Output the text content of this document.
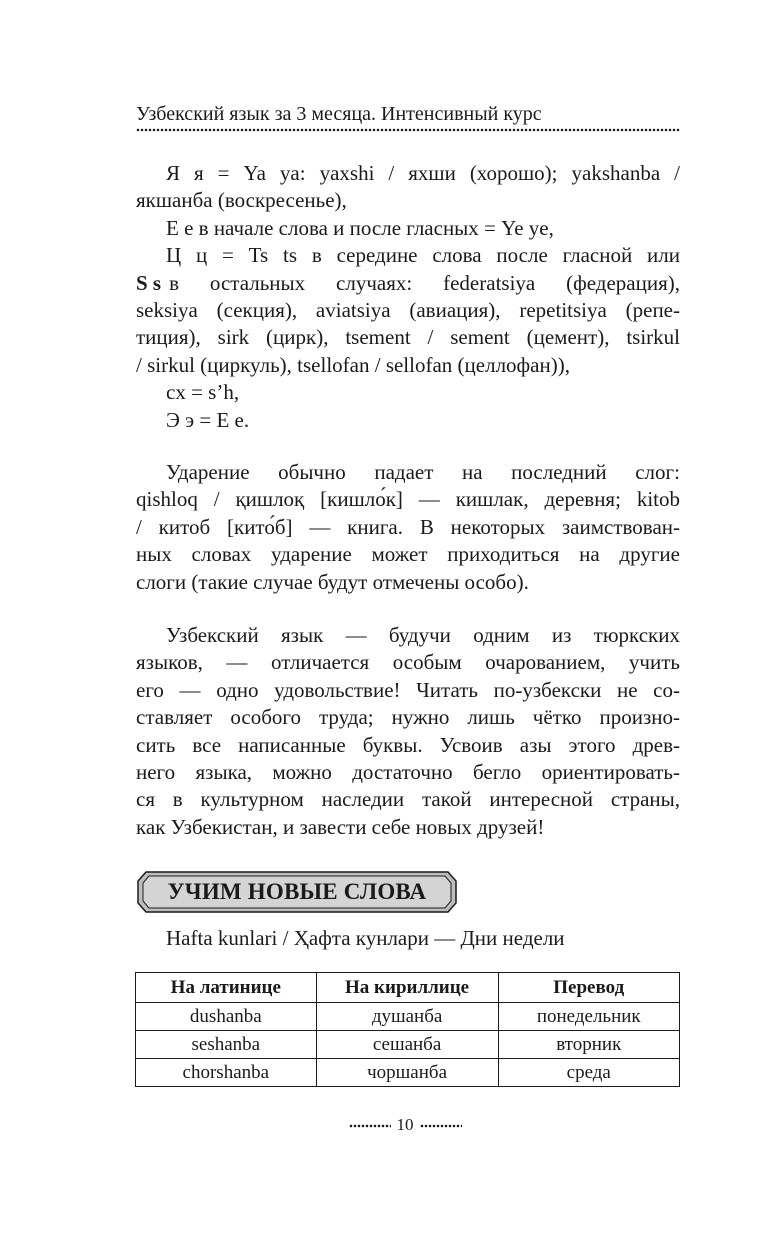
Узбекский язык за 3 месяца. Интенсивный курс
Я я = Ya ya: yaxshi / яхши (хорошо); yakshanba /
якшанба (воскресенье),
Е е в начале слова и после гласных = Ye ye,
Ц ц = Ts ts в середине слова после гласной или
S s в остальных случаях: federatsiya (федерация),
seksiya (секция), aviatsiya (авиация), repetitsiya (репе-
тиция), sirk (цирк), tsement / sement (цемент), tsirkul
/ sirkul (циркуль), tsellofan / sellofan (целлофан)),
cх = s’h,
Э э = Е е.
Ударение обычно падает на последний слог:
qishloq / қишлоқ [кишло́к] — кишлак, деревня; kitob
/ китоб [кито́б] — книга. В некоторых заимствован-
ных словах ударение может приходиться на другие
слоги (такие случае будут отмечены особо).
Узбекский язык — будучи одним из тюркских
языков, — отличается особым очарованием, учить
его — одно удовольствие! Читать по-узбекски не со-
ставляет особого труда; нужно лишь чётко произно-
сить все написанные буквы. Усвоив азы этого древ-
него языка, можно достаточно бегло ориентировать-
ся в культурном наследии такой интересной страны,
как Узбекистан, и завести себе новых друзей!
УЧИМ НОВЫЕ СЛОВА
Hafta kunlari / Ҳафта кунлари — Дни недели
На латинице	На кириллице	Перевод
dushanba	душанба	понедельник
seshanba	сешанба	вторник
chorshanba	чоршанба	среда
10
